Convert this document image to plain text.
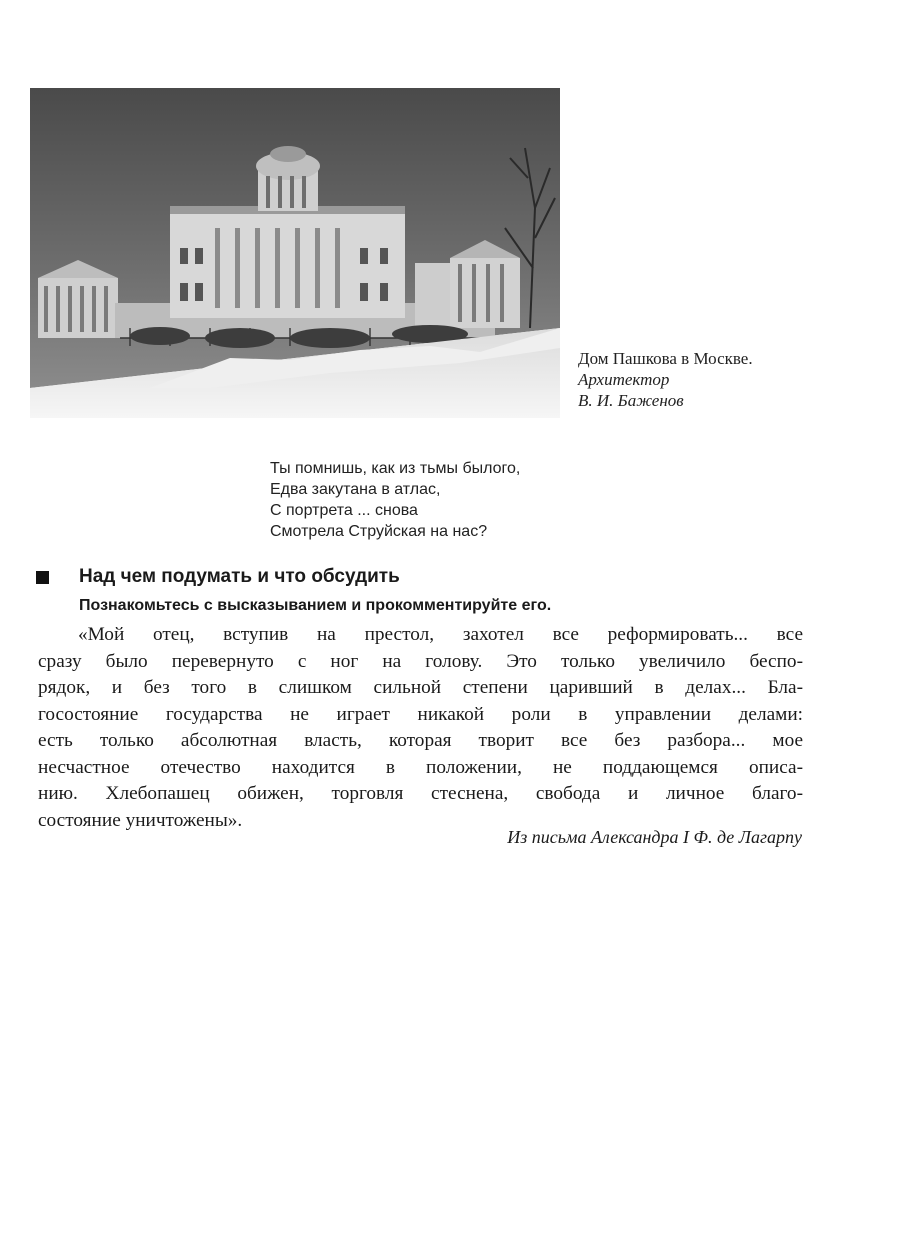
Дом Пашкова в Москве.
Архитектор
В. И. Баженов
Ты помнишь, как из тьмы былого,
Едва закутана в атлас,
С портрета ... снова
Смотрела Струйская на нас?
Над чем подумать и что обсудить
Познакомьтесь с высказыванием и прокомментируйте его.
«Мой отец, вступив на престол, захотел все реформировать... все
сразу было перевернуто с ног на голову. Это только увеличило беспо-
рядок, и без того в слишком сильной степени царивший в делах... Бла-
госостояние государства не играет никакой роли в управлении делами:
есть только абсолютная власть, которая творит все без разбора... мое
несчастное отечество находится в положении, не поддающемся описа-
нию. Хлебопашец обижен, торговля стеснена, свобода и личное благо-
состояние уничтожены».
Из письма Александра I Ф. де Лагарпу
